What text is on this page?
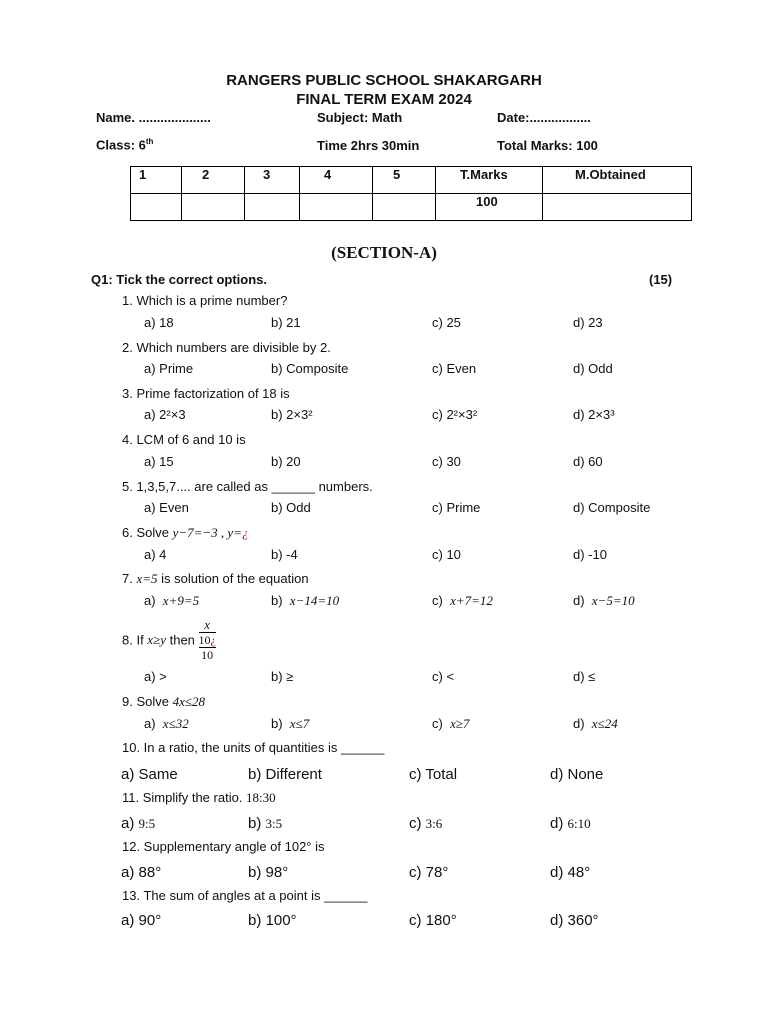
RANGERS PUBLIC SCHOOL SHAKARGARH
FINAL TERM EXAM 2024
Name. ....................	Subject: Math	Date:.................
Class: 6th	Time 2hrs 30min	Total Marks: 100
1	2	3	4	5	T.Marks	M.Obtained
					100	
(SECTION-A)
Q1: Tick the correct options.	(15)
1. Which is a prime number?
a) 18	b) 21	c) 25	d) 23
2. Which numbers are divisible by 2.
a) Prime	b) Composite	c) Even	d) Odd
3. Prime factorization of 18 is
a) 2²×3	b) 2×3²	c) 2²×3²	d) 2×3³
4. LCM of 6 and 10 is
a) 15	b) 20	c) 30	d) 60
5. 1,3,5,7.... are called as ______ numbers.
a) Even	b) Odd	c) Prime	d) Composite
6. Solve y−7=−3 , y=¿
a) 4	b) -4	c) 10	d) -10
7. x=5 is solution of the equation
a) x+9=5	b) x−14=10	c) x+7=12	d) x−5=10
8. If x≥y then
x
10¿
10
a) >	b) ≥	c) <	d) ≤
9. Solve 4x≤28
a) x≤32	b) x≤7	c) x≥7	d) x≤24
10. In a ratio, the units of quantities is ______
a) Same	b) Different	c) Total	d) None
11. Simplify the ratio. 18:30
a) 9:5	b) 3:5	c) 3:6	d) 6:10
12. Supplementary angle of 102° is
a) 88°	b) 98°	c) 78°	d) 48°
13. The sum of angles at a point is ______
a) 90°	b) 100°	c) 180°	d) 360°
